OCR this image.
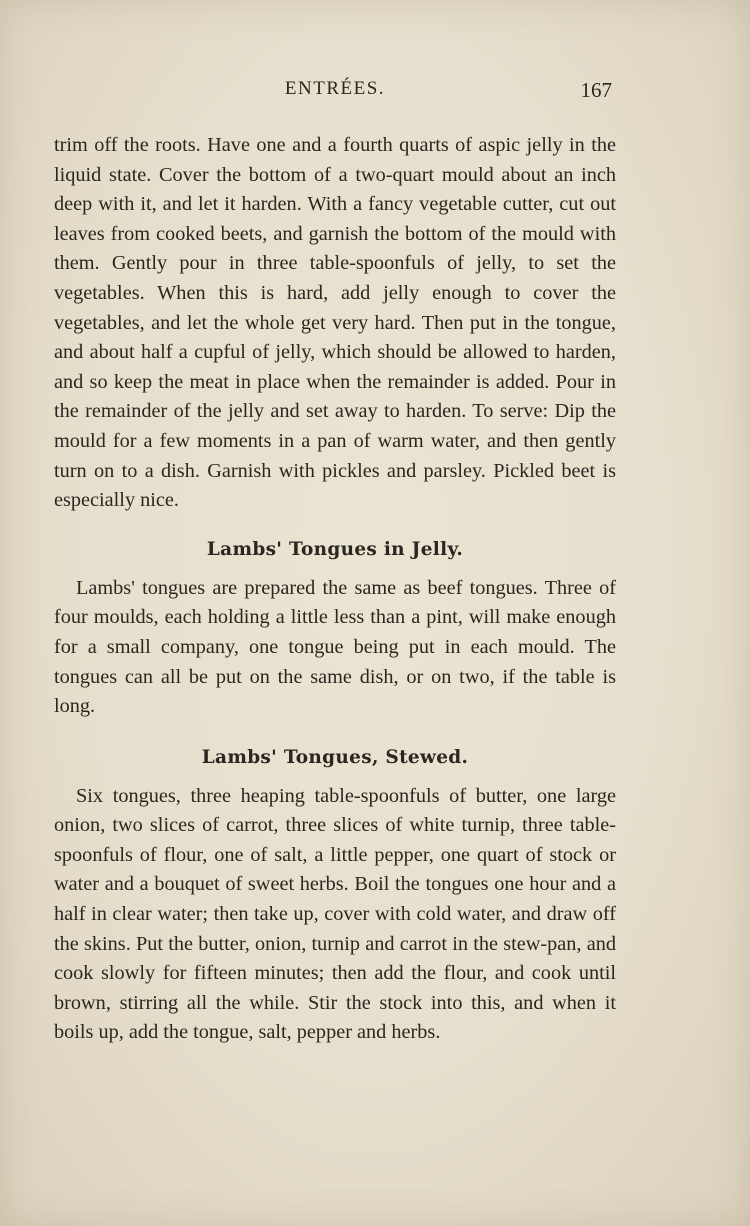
ENTRÉES.	167

trim off the roots. Have one and a fourth quarts of aspic jelly in the liquid state. Cover the bottom of a two-quart mould about an inch deep with it, and let it harden. With a fancy vegetable cutter, cut out leaves from cooked beets, and garnish the bottom of the mould with them. Gently pour in three table-spoonfuls of jelly, to set the vegetables. When this is hard, add jelly enough to cover the vegetables, and let the whole get very hard. Then put in the tongue, and about half a cupful of jelly, which should be allowed to harden, and so keep the meat in place when the remainder is added. Pour in the remainder of the jelly and set away to harden. To serve: Dip the mould for a few moments in a pan of warm water, and then gently turn on to a dish. Garnish with pickles and parsley. Pickled beet is especially nice.

Lambs' Tongues in Jelly.

Lambs' tongues are prepared the same as beef tongues. Three of four moulds, each holding a little less than a pint, will make enough for a small company, one tongue being put in each mould. The tongues can all be put on the same dish, or on two, if the table is long.

Lambs' Tongues, Stewed.

Six tongues, three heaping table-spoonfuls of butter, one large onion, two slices of carrot, three slices of white turnip, three table-spoonfuls of flour, one of salt, a little pepper, one quart of stock or water and a bouquet of sweet herbs. Boil the tongues one hour and a half in clear water; then take up, cover with cold water, and draw off the skins. Put the butter, onion, turnip and carrot in the stew-pan, and cook slowly for fifteen minutes; then add the flour, and cook until brown, stirring all the while. Stir the stock into this, and when it boils up, add the tongue, salt, pepper and herbs.
